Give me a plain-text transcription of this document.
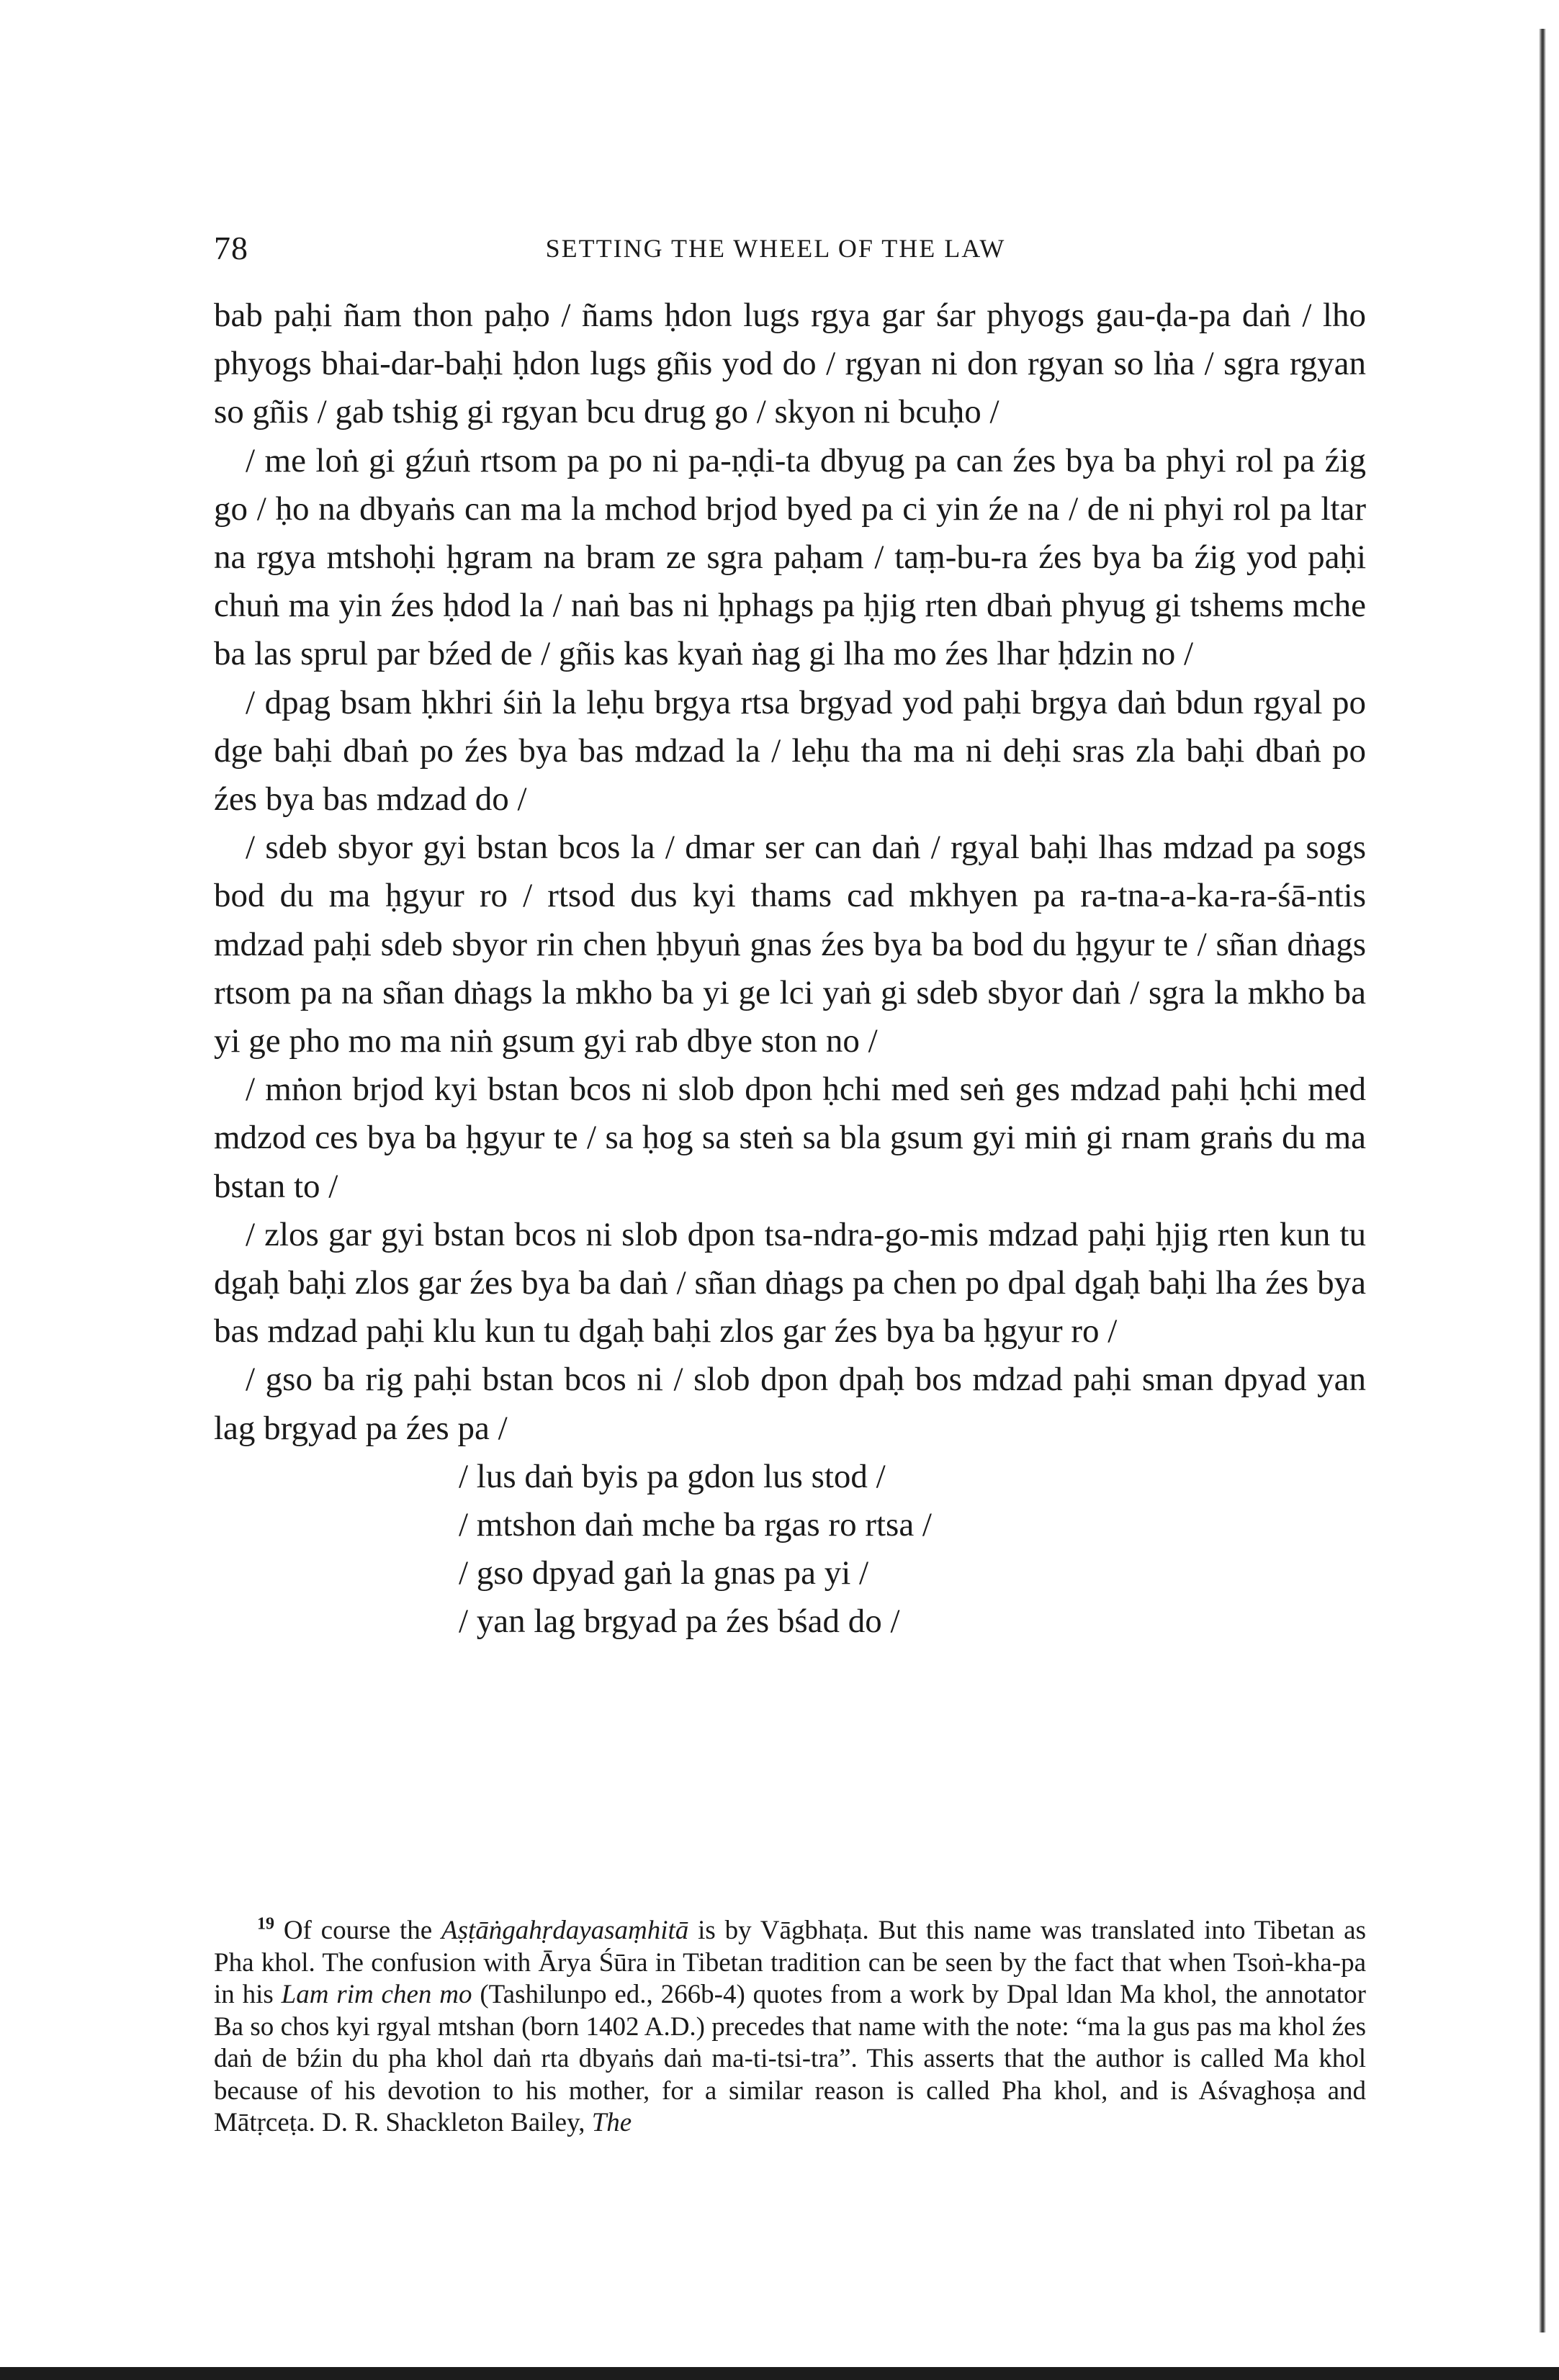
78	SETTING THE WHEEL OF THE LAW

bab paḥi ñam thon paḥo / ñams ḥdon lugs rgya gar śar phyogs gau-ḍa-pa daṅ / lho phyogs bhai-dar-baḥi ḥdon lugs gñis yod do / rgyan ni don rgyan so lṅa / sgra rgyan so gñis / gab tshig gi rgyan bcu drug go / skyon ni bcuḥo /

/ me loṅ gi gźuṅ rtsom pa po ni pa-ṇḍi-ta dbyug pa can źes bya ba phyi rol pa źig go / ḥo na dbyaṅs can ma la mchod brjod byed pa ci yin źe na / de ni phyi rol pa ltar na rgya mtshoḥi ḥgram na bram ze sgra paḥam / taṃ-bu-ra źes bya ba źig yod paḥi chuṅ ma yin źes ḥdod la / naṅ bas ni ḥphags pa ḥjig rten dbaṅ phyug gi tshems mche ba las sprul par bźed de / gñis kas kyaṅ ṅag gi lha mo źes lhar ḥdzin no /

/ dpag bsam ḥkhri śiṅ la leḥu brgya rtsa brgyad yod paḥi brgya daṅ bdun rgyal po dge baḥi dbaṅ po źes bya bas mdzad la / leḥu tha ma ni deḥi sras zla baḥi dbaṅ po źes bya bas mdzad do /

/ sdeb sbyor gyi bstan bcos la / dmar ser can daṅ / rgyal baḥi lhas mdzad pa sogs bod du ma ḥgyur ro / rtsod dus kyi thams cad mkhyen pa ra-tna-a-ka-ra-śā-ntis mdzad paḥi sdeb sbyor rin chen ḥbyuṅ gnas źes bya ba bod du ḥgyur te / sñan dṅags rtsom pa na sñan dṅags la mkho ba yi ge lci yaṅ gi sdeb sbyor daṅ / sgra la mkho ba yi ge pho mo ma niṅ gsum gyi rab dbye ston no /

/ mṅon brjod kyi bstan bcos ni slob dpon ḥchi med seṅ ges mdzad paḥi ḥchi med mdzod ces bya ba ḥgyur te / sa ḥog sa steṅ sa bla gsum gyi miṅ gi rnam graṅs du ma bstan to /

/ zlos gar gyi bstan bcos ni slob dpon tsa-ndra-go-mis mdzad paḥi ḥjig rten kun tu dgaḥ baḥi zlos gar źes bya ba daṅ / sñan dṅags pa chen po dpal dgaḥ baḥi lha źes bya bas mdzad paḥi klu kun tu dgaḥ baḥi zlos gar źes bya ba ḥgyur ro /

/ gso ba rig paḥi bstan bcos ni / slob dpon dpaḥ bos mdzad paḥi sman dpyad yan lag brgyad pa źes pa /

/ lus daṅ byis pa gdon lus stod /
/ mtshon daṅ mche ba rgas ro rtsa /
/ gso dpyad gaṅ la gnas pa yi /
/ yan lag brgyad pa źes bśad do /
$^{19}$ Of course the Aṣṭāṅgahṛdayasaṃhitā is by Vāgbhaṭa. But this name was translated into Tibetan as Pha khol. The confusion with Ārya Śūra in Tibetan tradition can be seen by the fact that when Tsoṅ-kha-pa in his Lam rim chen mo (Tashilunpo ed., 266b-4) quotes from a work by Dpal ldan Ma khol, the annotator Ba so chos kyi rgyal mtshan (born 1402 A.D.) precedes that name with the note: “ma la gus pas ma khol źes daṅ de bźin du pha khol daṅ rta dbyaṅs daṅ ma-ti-tsi-tra”. This asserts that the author is called Ma khol because of his devotion to his mother, for a similar reason is called Pha khol, and is Aśvaghoṣa and Mātṛceṭa. D. R. Shackleton Bailey, The
